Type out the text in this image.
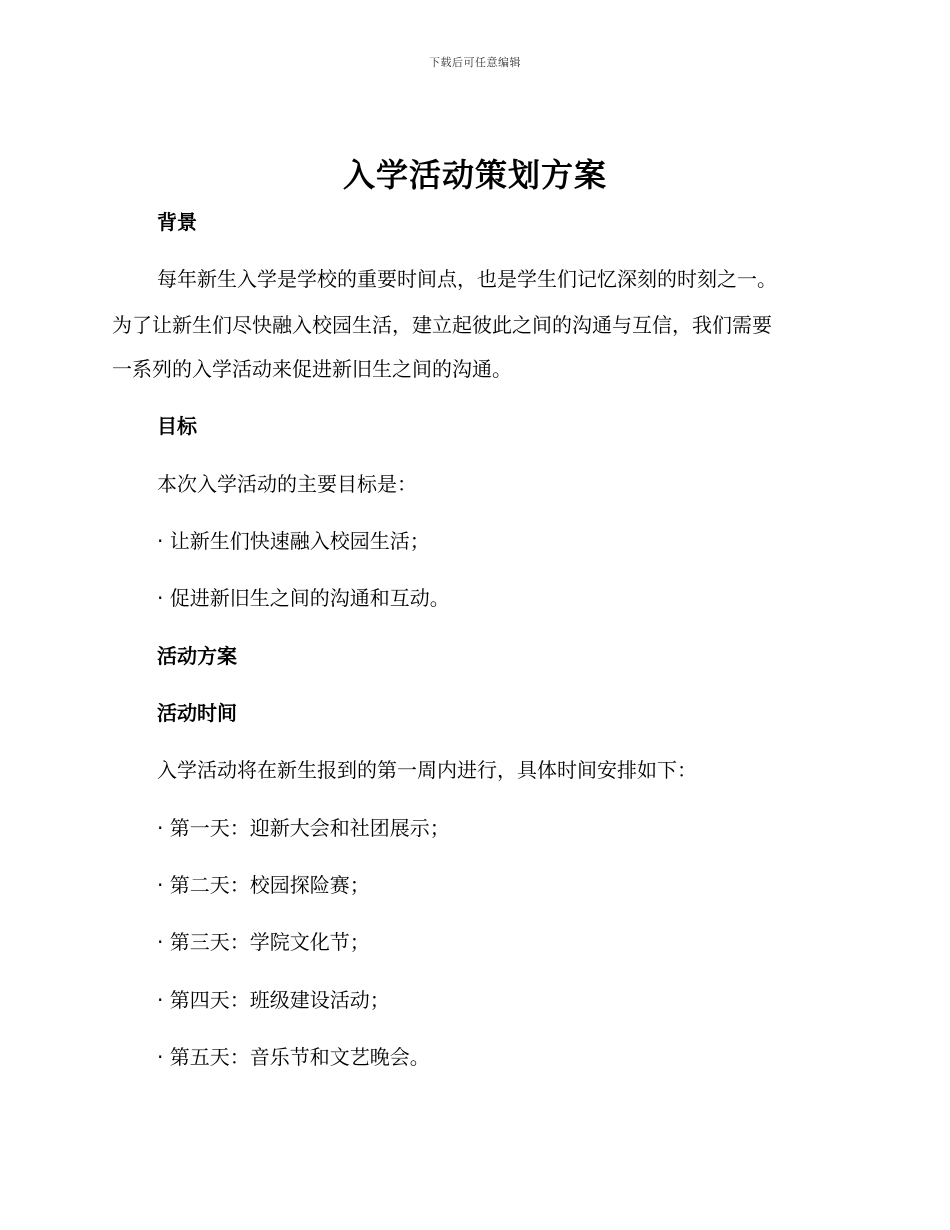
下载后可任意编辑
入学活动策划方案

背景

每年新生入学是学校的重要时间点，也是学生们记忆深刻的时刻之一。

为了让新生们尽快融入校园生活，建立起彼此之间的沟通与互信，我们需要

一系列的入学活动来促进新旧生之间的沟通。

目标

本次入学活动的主要目标是：

· 让新生们快速融入校园生活；

· 促进新旧生之间的沟通和互动。

活动方案

活动时间

入学活动将在新生报到的第一周内进行，具体时间安排如下：

· 第一天：迎新大会和社团展示；

· 第二天：校园探险赛；

· 第三天：学院文化节；

· 第四天：班级建设活动；

· 第五天：音乐节和文艺晚会。
